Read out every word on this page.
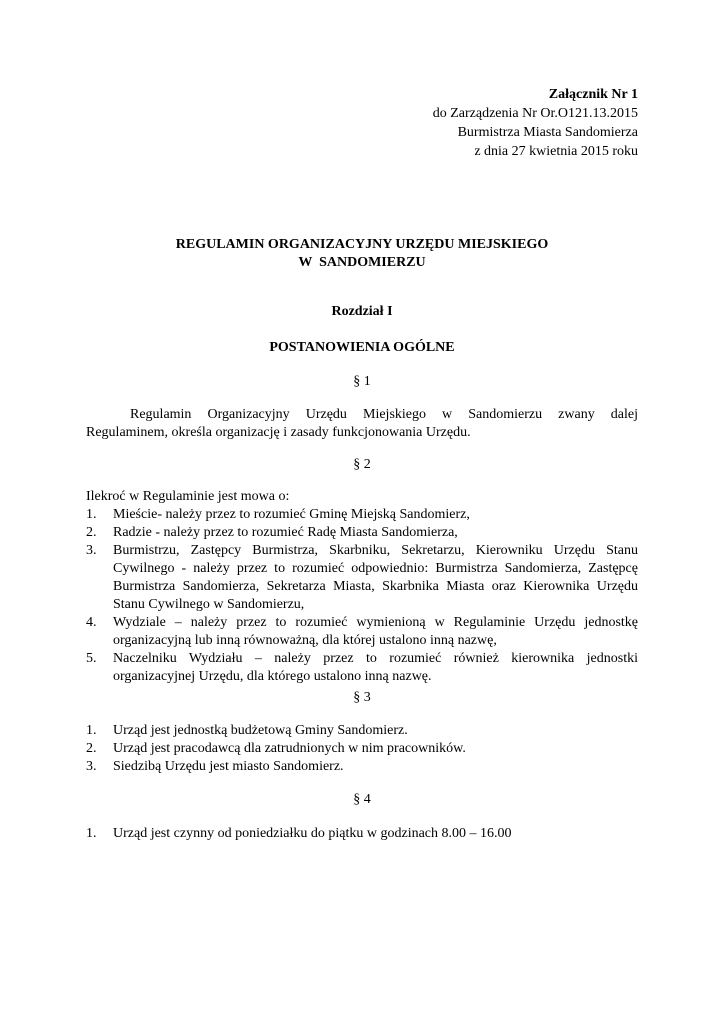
Załącznik Nr 1
do Zarządzenia Nr Or.O121.13.2015
Burmistrza Miasta Sandomierza
z dnia 27 kwietnia 2015 roku
REGULAMIN ORGANIZACYJNY URZĘDU MIEJSKIEGO
W  SANDOMIERZU
Rozdział I
POSTANOWIENIA OGÓLNE
§ 1
Regulamin Organizacyjny Urzędu Miejskiego w Sandomierzu zwany dalej
Regulaminem, określa organizację i zasady funkcjonowania Urzędu.
§ 2
Ilekroć w Regulaminie jest mowa o:
1. Mieście- należy przez to rozumieć Gminę Miejską Sandomierz,
2. Radzie - należy przez to rozumieć Radę Miasta Sandomierza,
3. Burmistrzu, Zastępcy Burmistrza, Skarbniku, Sekretarzu, Kierowniku Urzędu Stanu
Cywilnego - należy przez to rozumieć odpowiednio: Burmistrza Sandomierza, Zastępcę
Burmistrza Sandomierza, Sekretarza Miasta, Skarbnika Miasta oraz Kierownika Urzędu
Stanu Cywilnego w Sandomierzu,
4. Wydziale – należy przez to rozumieć wymienioną w Regulaminie Urzędu jednostkę
organizacyjną lub inną równoważną, dla której ustalono inną nazwę,
5. Naczelniku Wydziału – należy przez to rozumieć również kierownika jednostki
organizacyjnej Urzędu, dla którego ustalono inną nazwę.
§ 3
1. Urząd jest jednostką budżetową Gminy Sandomierz.
2. Urząd jest pracodawcą dla zatrudnionych w nim pracowników.
3. Siedzibą Urzędu jest miasto Sandomierz.
§ 4
1. Urząd jest czynny od poniedziałku do piątku w godzinach 8.00 – 16.00
